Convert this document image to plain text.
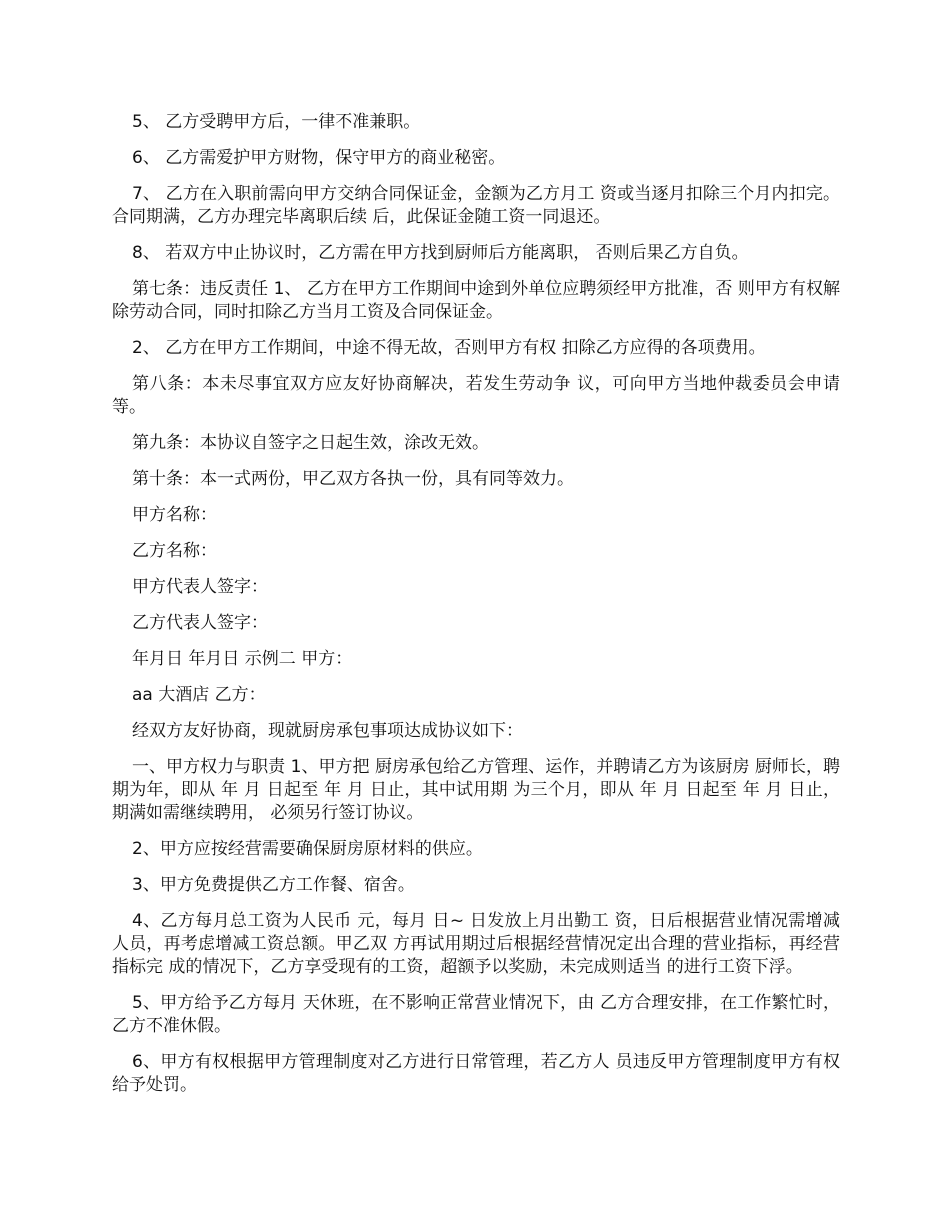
5、 乙方受聘甲方后，一律不准兼职。

6、 乙方需爱护甲方财物，保守甲方的商业秘密。

7、 乙方在入职前需向甲方交纳合同保证金，金额为乙方月工 资或当逐月扣除三个月内扣完。合同期满，乙方办理完毕离职后续 后，此保证金随工资一同退还。

8、 若双方中止协议时，乙方需在甲方找到厨师后方能离职， 否则后果乙方自负。

第七条：违反责任 1、 乙方在甲方工作期间中途到外单位应聘须经甲方批准，否 则甲方有权解除劳动合同，同时扣除乙方当月工资及合同保证金。

2、 乙方在甲方工作期间，中途不得无故，否则甲方有权 扣除乙方应得的各项费用。

第八条：本未尽事宜双方应友好协商解决，若发生劳动争 议，可向甲方当地仲裁委员会申请等。

第九条：本协议自签字之日起生效，涂改无效。

第十条：本一式两份，甲乙双方各执一份，具有同等效力。

甲方名称：

乙方名称：

甲方代表人签字：

乙方代表人签字：

年月日 年月日 示例二 甲方：

aa 大酒店 乙方：

经双方友好协商，现就厨房承包事项达成协议如下：

一、甲方权力与职责 1、甲方把 厨房承包给乙方管理、运作，并聘请乙方为该厨房 厨师长，聘期为年，即从 年 月 日起至 年 月 日止，其中试用期 为三个月，即从 年 月 日起至 年 月 日止，期满如需继续聘用， 必须另行签订协议。

2、甲方应按经营需要确保厨房原材料的供应。

3、甲方免费提供乙方工作餐、宿舍。

4、乙方每月总工资为人民币 元，每月 日~ 日发放上月出勤工 资，日后根据营业情况需增减人员，再考虑增减工资总额。甲乙双 方再试用期过后根据经营情况定出合理的营业指标，再经营指标完 成的情况下，乙方享受现有的工资，超额予以奖励，未完成则适当 的进行工资下浮。

5、甲方给予乙方每月 天休班，在不影响正常营业情况下，由 乙方合理安排，在工作繁忙时，乙方不准休假。

6、甲方有权根据甲方管理制度对乙方进行日常管理，若乙方人 员违反甲方管理制度甲方有权给予处罚。
